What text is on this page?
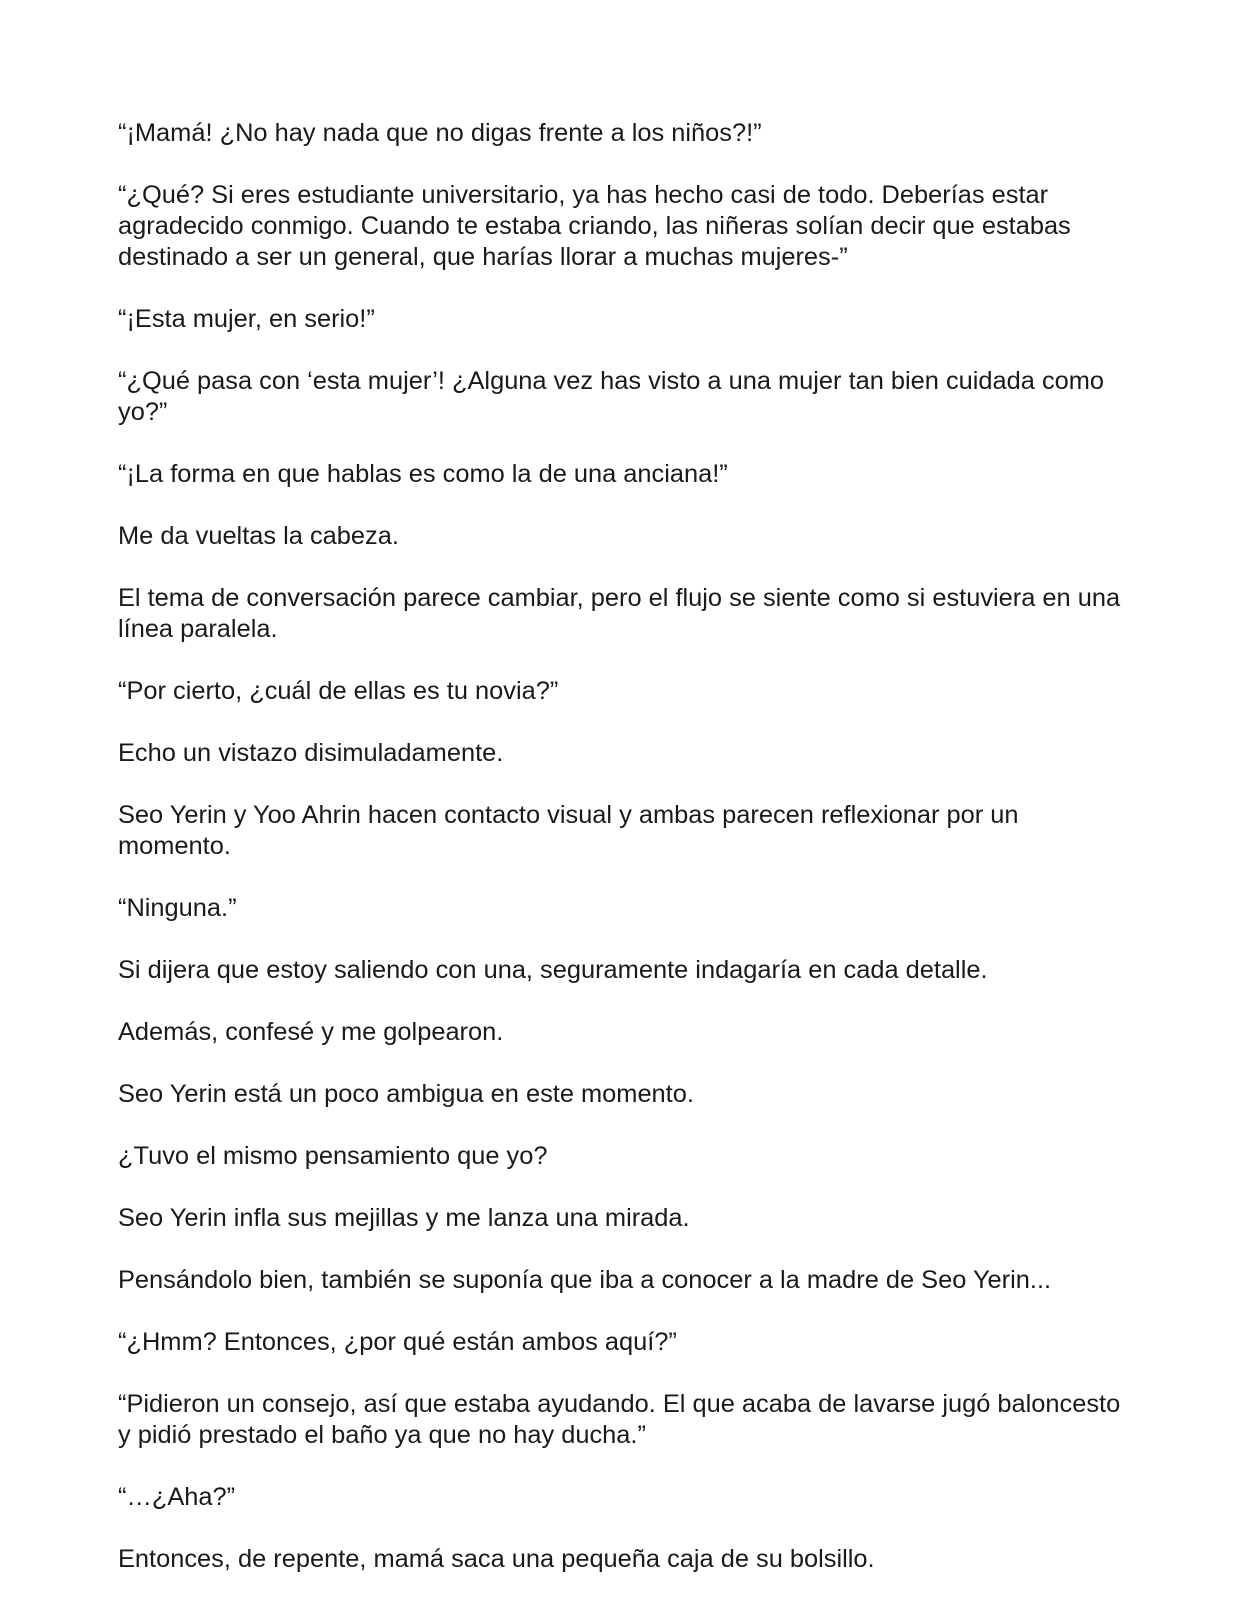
“¡Mamá! ¿No hay nada que no digas frente a los niños?!”

“¿Qué? Si eres estudiante universitario, ya has hecho casi de todo. Deberías estar agradecido conmigo. Cuando te estaba criando, las niñeras solían decir que estabas destinado a ser un general, que harías llorar a muchas mujeres-”

“¡Esta mujer, en serio!”

“¿Qué pasa con ‘esta mujer’! ¿Alguna vez has visto a una mujer tan bien cuidada como yo?”

“¡La forma en que hablas es como la de una anciana!”

Me da vueltas la cabeza.

El tema de conversación parece cambiar, pero el flujo se siente como si estuviera en una línea paralela.

“Por cierto, ¿cuál de ellas es tu novia?”

Echo un vistazo disimuladamente.

Seo Yerin y Yoo Ahrin hacen contacto visual y ambas parecen reflexionar por un momento.

“Ninguna.”

Si dijera que estoy saliendo con una, seguramente indagaría en cada detalle.

Además, confesé y me golpearon.

Seo Yerin está un poco ambigua en este momento.

¿Tuvo el mismo pensamiento que yo?

Seo Yerin infla sus mejillas y me lanza una mirada.

Pensándolo bien, también se suponía que iba a conocer a la madre de Seo Yerin...

“¿Hmm? Entonces, ¿por qué están ambos aquí?”

“Pidieron un consejo, así que estaba ayudando. El que acaba de lavarse jugó baloncesto y pidió prestado el baño ya que no hay ducha.”

“…¿Aha?”

Entonces, de repente, mamá saca una pequeña caja de su bolsillo.
